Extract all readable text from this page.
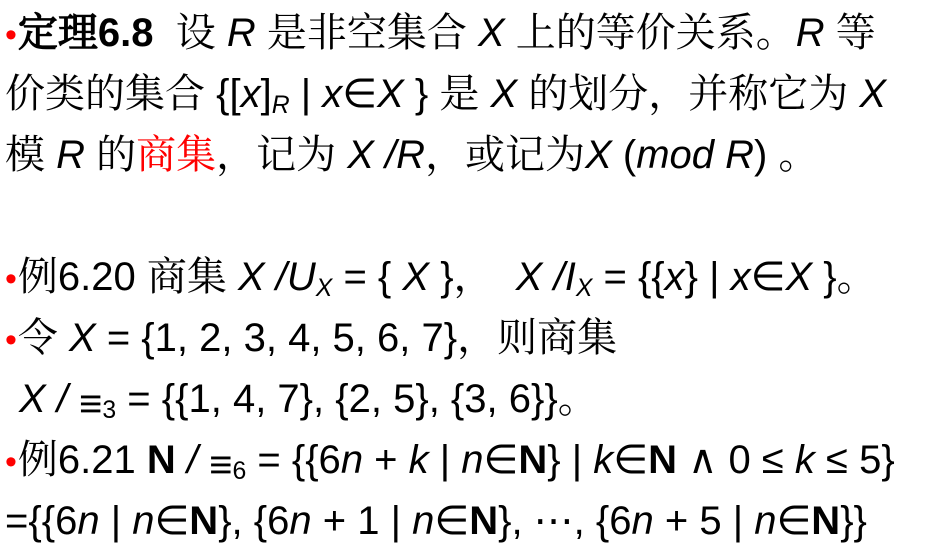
•定理6.8  设 R 是非空集合 X 上的等价关系。R 等
价类的集合 {$[x]_R$ | x∈X } 是 X 的划分，并称它为 X
模 R 的商集，记为 X /R，或记为X (mod R) 。
•例6.20 商集 X $/U_X$ = { X }，  X $/I_X = \{\{x\}$ | x∈X }。
•令 X = {1, 2, 3, 4, 5, 6, 7}，则商集
$X / \equiv_3 = \{\{1$, 4, 7}, {2, 5}, {3, 6}}。
•例6.21 $N / \equiv_6 = \{\{6n + k$ | n∈N} | k∈N ∧ 0 ≤ k ≤ 5}
={{6n | n∈N}, {6n + 1 | n∈N}, ⋯, {6n + 5 | n∈N}}
